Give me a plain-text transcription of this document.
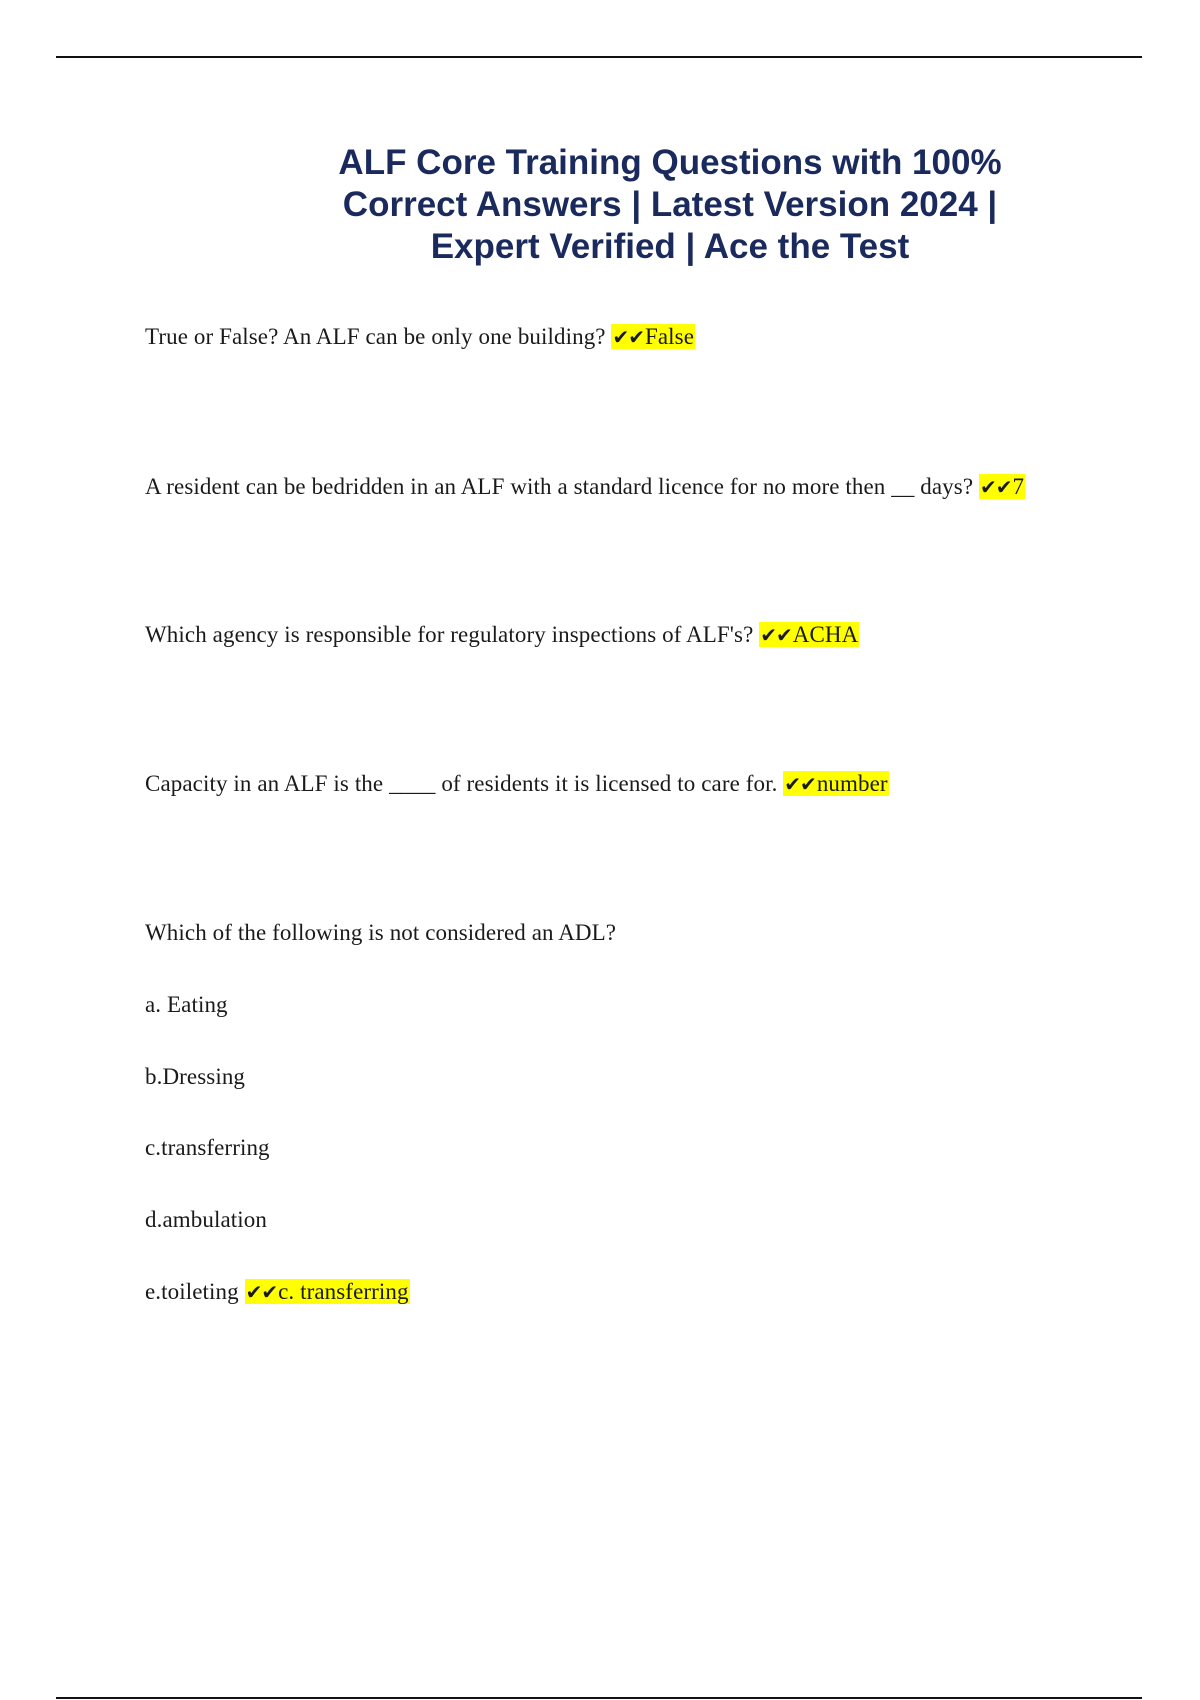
ALF Core Training Questions with 100%
Correct Answers | Latest Version 2024 |
Expert Verified | Ace the Test

True or False? An ALF can be only one building? ✔✔False

A resident can be bedridden in an ALF with a standard licence for no more then __ days? ✔✔7

Which agency is responsible for regulatory inspections of ALF's? ✔✔ACHA

Capacity in an ALF is the ____ of residents it is licensed to care for. ✔✔number

Which of the following is not considered an ADL?

a. Eating

b.Dressing

c.transferring

d.ambulation

e.toileting ✔✔c. transferring
